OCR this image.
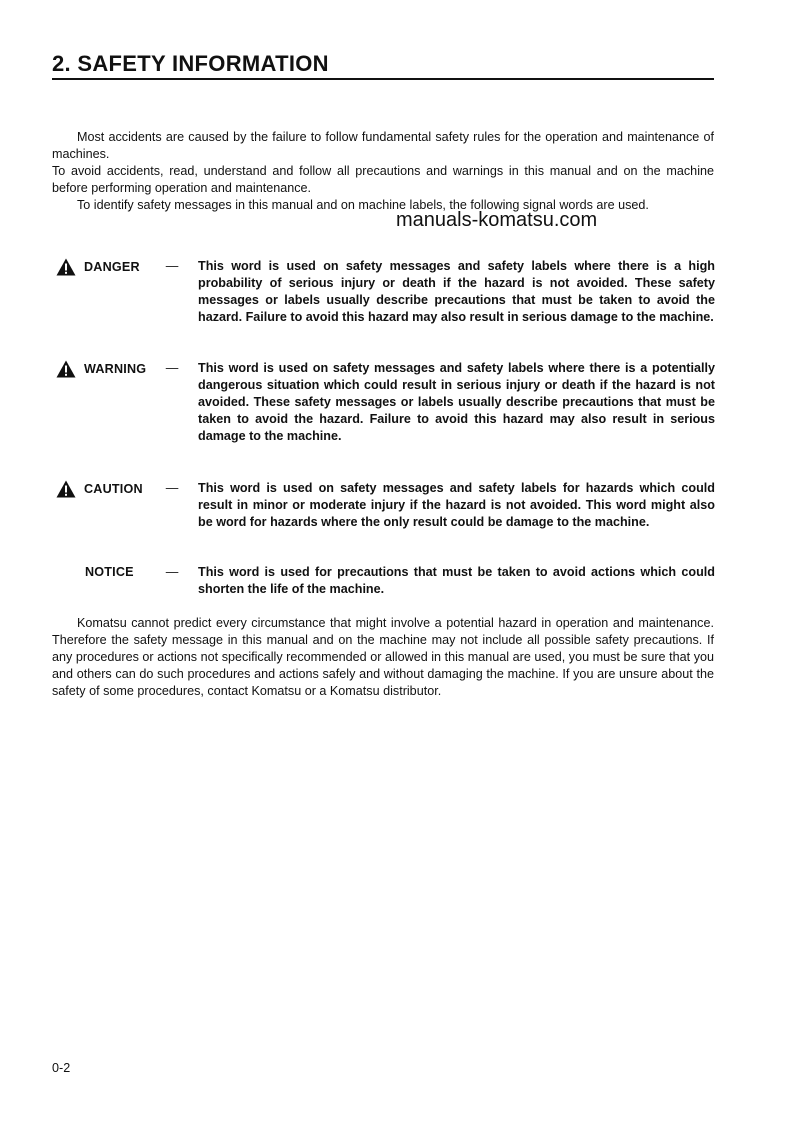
2. SAFETY INFORMATION

Most accidents are caused by the failure to follow fundamental safety rules for the operation and maintenance of machines.

To avoid accidents, read, understand and follow all precautions and warnings in this manual and on the machine before performing operation and maintenance.

To identify safety messages in this manual and on machine labels, the following signal words are used.

manuals-komatsu.com
DANGER — This word is used on safety messages and safety labels where there is a high probability of serious injury or death if the hazard is not avoided. These safety messages or labels usually describe precautions that must be taken to avoid the hazard. Failure to avoid this hazard may also result in serious damage to the machine.
WARNING — This word is used on safety messages and safety labels where there is a potentially dangerous situation which could result in serious injury or death if the hazard is not avoided. These safety messages or labels usually describe precautions that must be taken to avoid the hazard. Failure to avoid this hazard may also result in serious damage to the machine.
CAUTION — This word is used on safety messages and safety labels for hazards which could result in minor or moderate injury if the hazard is not avoided. This word might also be word for hazards where the only result could be damage to the machine.
NOTICE	— This word is used for precautions that must be taken to avoid actions which could shorten the life of the machine.
Komatsu cannot predict every circumstance that might involve a potential hazard in operation and maintenance. Therefore the safety message in this manual and on the machine may not include all possible safety precautions. If any procedures or actions not specifically recommended or allowed in this manual are used, you must be sure that you and others can do such procedures and actions safely and without damaging the machine. If you are unsure about the safety of some procedures, contact Komatsu or a Komatsu distributor.
0-2
